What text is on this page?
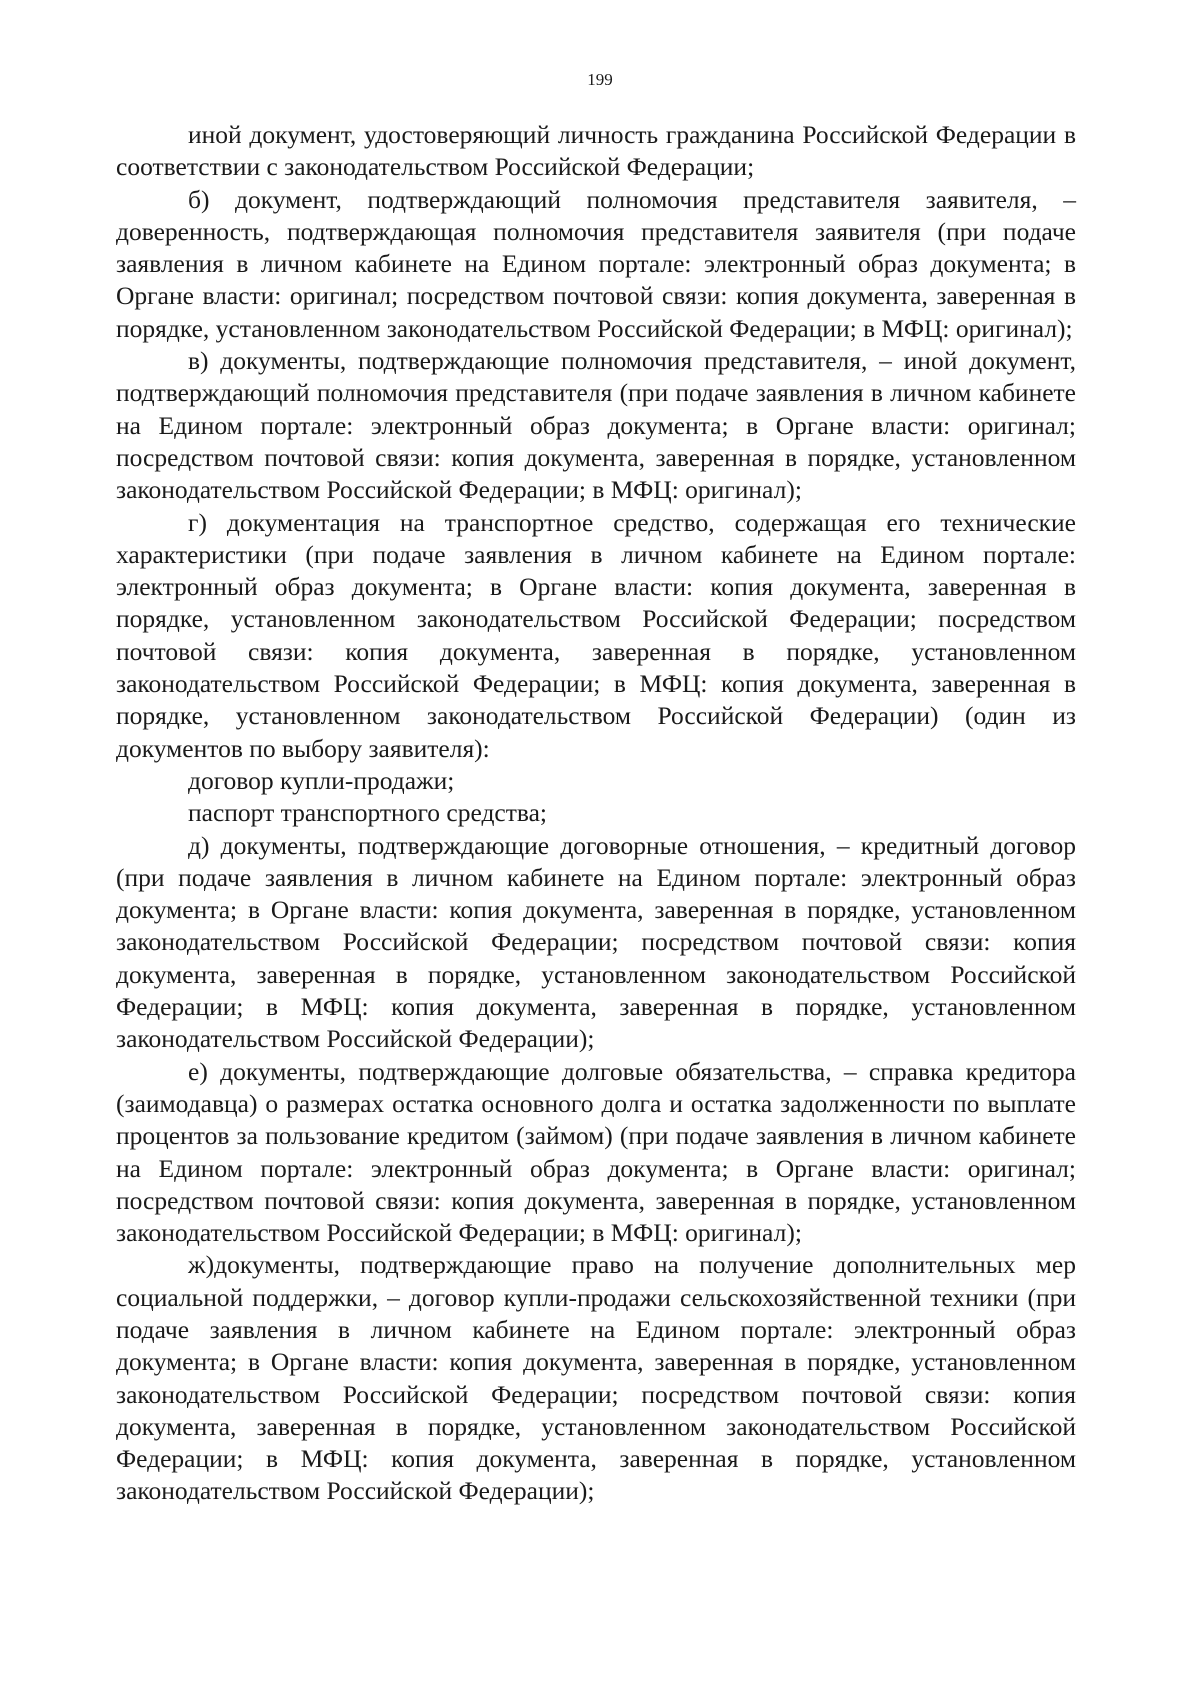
199

иной документ, удостоверяющий личность гражданина Российской Федерации в соответствии с законодательством Российской Федерации;

б) документ, подтверждающий полномочия представителя заявителя, – доверенность, подтверждающая полномочия представителя заявителя (при подаче заявления в личном кабинете на Едином портале: электронный образ документа; в Органе власти: оригинал; посредством почтовой связи: копия документа, заверенная в порядке, установленном законодательством Российской Федерации; в МФЦ: оригинал);

в) документы, подтверждающие полномочия представителя, – иной документ, подтверждающий полномочия представителя (при подаче заявления в личном кабинете на Едином портале: электронный образ документа; в Органе власти: оригинал; посредством почтовой связи: копия документа, заверенная в порядке, установленном законодательством Российской Федерации; в МФЦ: оригинал);

г) документация на транспортное средство, содержащая его технические характеристики (при подаче заявления в личном кабинете на Едином портале: электронный образ документа; в Органе власти: копия документа, заверенная в порядке, установленном законодательством Российской Федерации; посредством почтовой связи: копия документа, заверенная в порядке, установленном законодательством Российской Федерации; в МФЦ: копия документа, заверенная в порядке, установленном законодательством Российской Федерации) (один из документов по выбору заявителя):

договор купли-продажи;

паспорт транспортного средства;

д) документы, подтверждающие договорные отношения, – кредитный договор (при подаче заявления в личном кабинете на Едином портале: электронный образ документа; в Органе власти: копия документа, заверенная в порядке, установленном законодательством Российской Федерации; посредством почтовой связи: копия документа, заверенная в порядке, установленном законодательством Российской Федерации; в МФЦ: копия документа, заверенная в порядке, установленном законодательством Российской Федерации);

е) документы, подтверждающие долговые обязательства, – справка кредитора (заимодавца) о размерах остатка основного долга и остатка задолженности по выплате процентов за пользование кредитом (займом) (при подаче заявления в личном кабинете на Едином портале: электронный образ документа; в Органе власти: оригинал; посредством почтовой связи: копия документа, заверенная в порядке, установленном законодательством Российской Федерации; в МФЦ: оригинал);

ж)документы, подтверждающие право на получение дополнительных мер социальной поддержки, – договор купли-продажи сельскохозяйственной техники (при подаче заявления в личном кабинете на Едином портале: электронный образ документа; в Органе власти: копия документа, заверенная в порядке, установленном законодательством Российской Федерации; посредством почтовой связи: копия документа, заверенная в порядке, установленном законодательством Российской Федерации; в МФЦ: копия документа, заверенная в порядке, установленном законодательством Российской Федерации);
